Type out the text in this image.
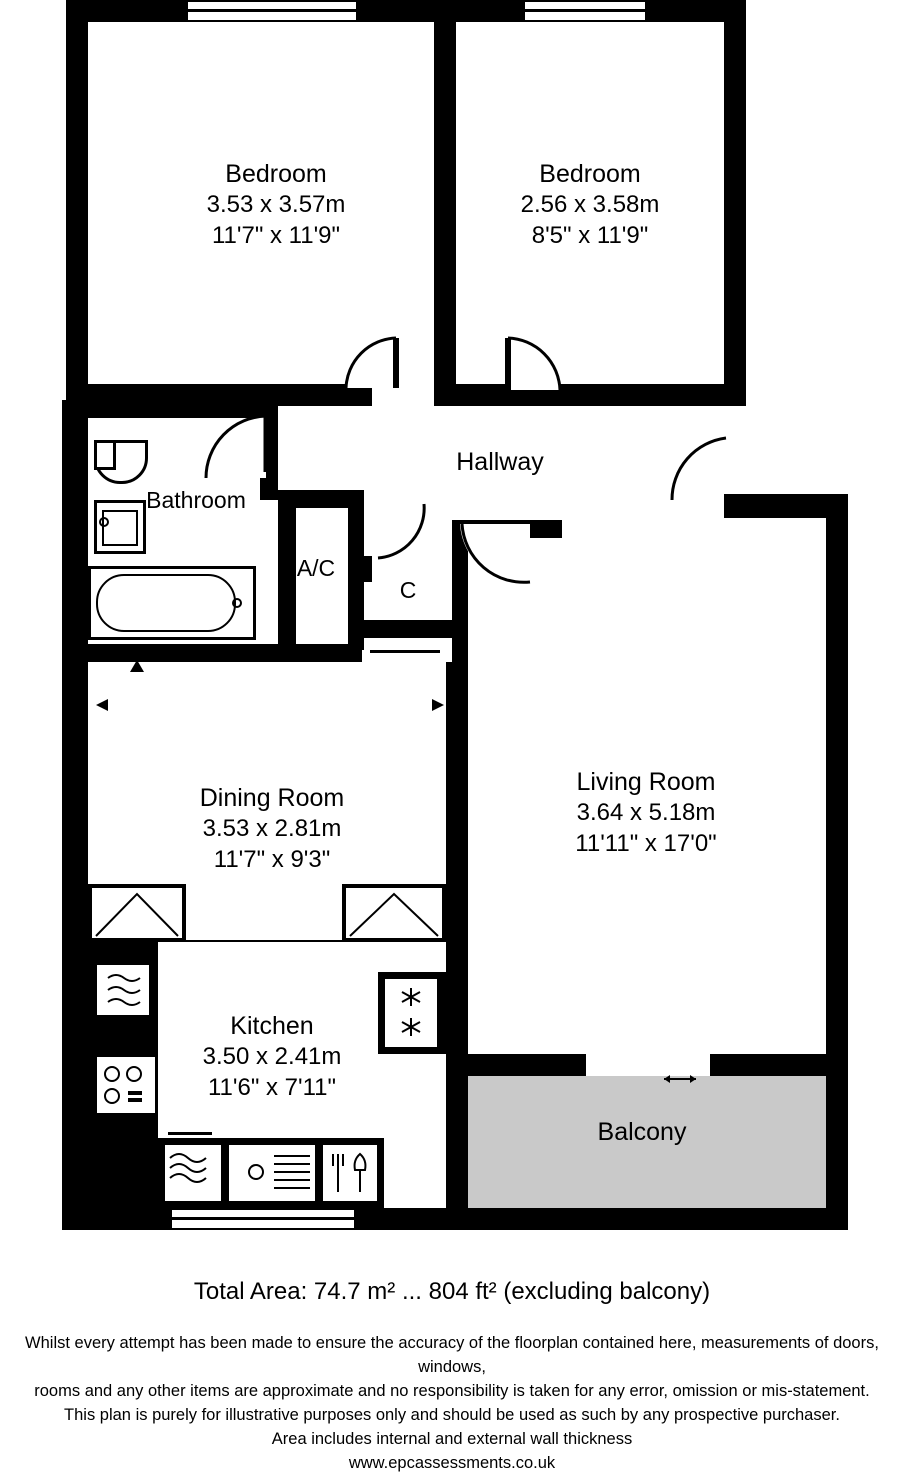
Bedroom
3.53 x 3.57m
11'7" x 11'9"
Bedroom
2.56 x 3.58m
8'5" x 11'9"
Hallway
Bathroom
A/C
C
Living Room
3.64 x 5.18m
11'11" x 17'0"
Dining Room
3.53 x 2.81m
11'7" x 9'3"
Kitchen
3.50 x 2.41m
11'6" x 7'11"
Balcony
Total Area: 74.7 m² ... 804 ft² (excluding balcony)
Whilst every attempt has been made to ensure the accuracy of the floorplan contained here, measurements of doors, windows,
rooms and any other items are approximate and no responsibility is taken for any error, omission or mis-statement.
This plan is purely for illustrative purposes only and should be used as such by any prospective purchaser.
Area includes internal and external wall thickness
www.epcassessments.co.uk
